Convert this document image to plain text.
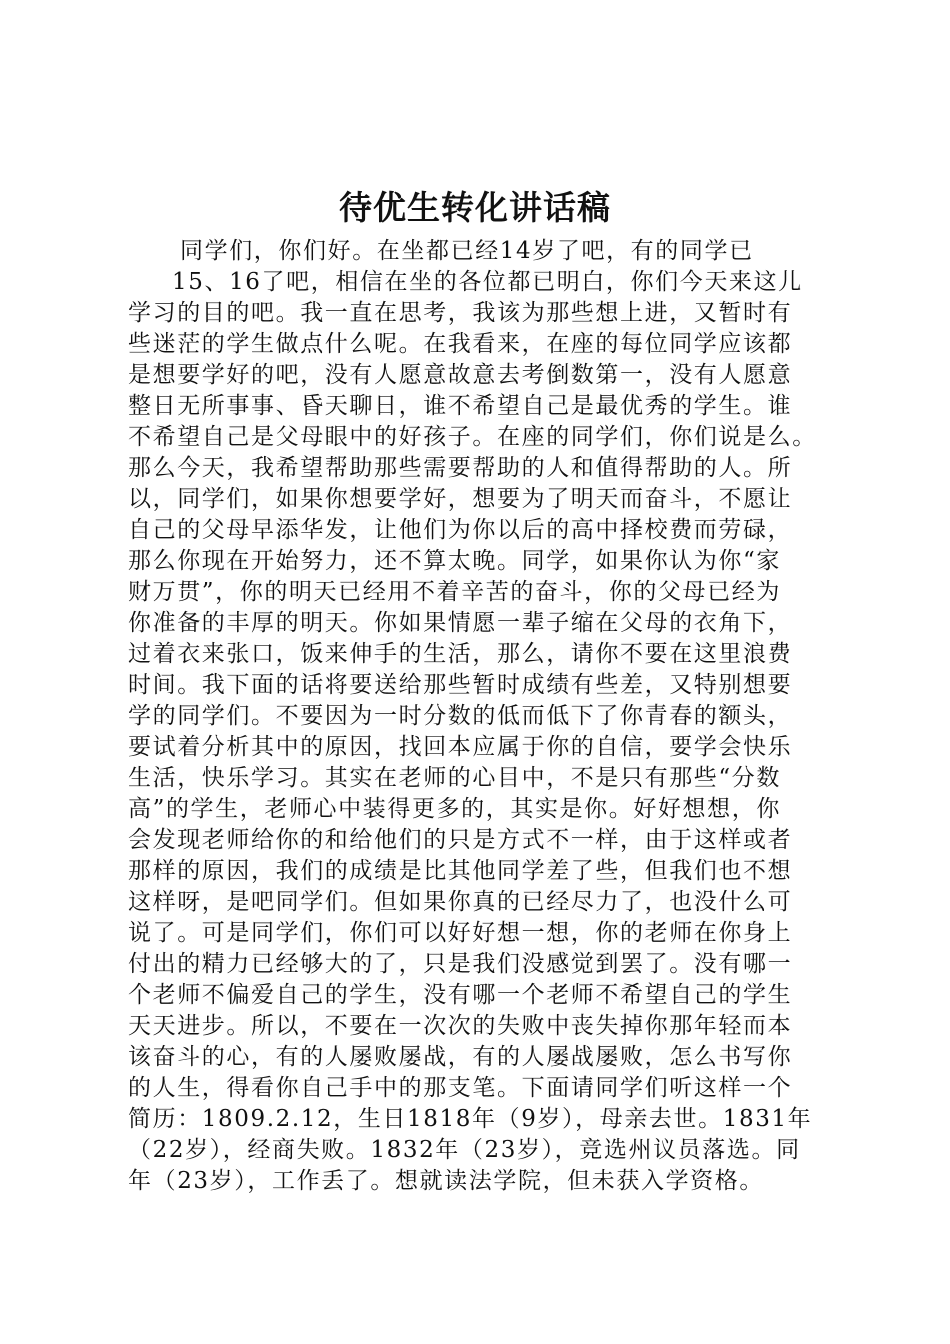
待优生转化讲话稿
同学们，你们好。在坐都已经14岁了吧，有的同学已
15、16了吧，相信在坐的各位都已明白，你们今天来这儿
学习的目的吧。我一直在思考，我该为那些想上进，又暂时有
些迷茫的学生做点什么呢。在我看来，在座的每位同学应该都
是想要学好的吧，没有人愿意故意去考倒数第一，没有人愿意
整日无所事事、昏天聊日，谁不希望自己是最优秀的学生。谁
不希望自己是父母眼中的好孩子。在座的同学们，你们说是么。
那么今天，我希望帮助那些需要帮助的人和值得帮助的人。所
以，同学们，如果你想要学好，想要为了明天而奋斗，不愿让
自己的父母早添华发，让他们为你以后的高中择校费而劳碌，
那么你现在开始努力，还不算太晚。同学，如果你认为你“家
财万贯”，你的明天已经用不着辛苦的奋斗，你的父母已经为
你准备的丰厚的明天。你如果情愿一辈子缩在父母的衣角下，
过着衣来张口，饭来伸手的生活，那么，请你不要在这里浪费
时间。我下面的话将要送给那些暂时成绩有些差，又特别想要
学的同学们。不要因为一时分数的低而低下了你青春的额头，
要试着分析其中的原因，找回本应属于你的自信，要学会快乐
生活，快乐学习。其实在老师的心目中，不是只有那些“分数
高”的学生，老师心中装得更多的，其实是你。好好想想，你
会发现老师给你的和给他们的只是方式不一样，由于这样或者
那样的原因，我们的成绩是比其他同学差了些，但我们也不想
这样呀，是吧同学们。但如果你真的已经尽力了，也没什么可
说了。可是同学们，你们可以好好想一想，你的老师在你身上
付出的精力已经够大的了，只是我们没感觉到罢了。没有哪一
个老师不偏爱自己的学生，没有哪一个老师不希望自己的学生
天天进步。所以，不要在一次次的失败中丧失掉你那年轻而本
该奋斗的心，有的人屡败屡战，有的人屡战屡败，怎么书写你
的人生，得看你自己手中的那支笔。下面请同学们听这样一个
简历：1809.2.12，生日1818年（9岁），母亲去世。1831年
（22岁），经商失败。1832年（23岁），竞选州议员落选。同
年（23岁），工作丢了。想就读法学院，但未获入学资格。
